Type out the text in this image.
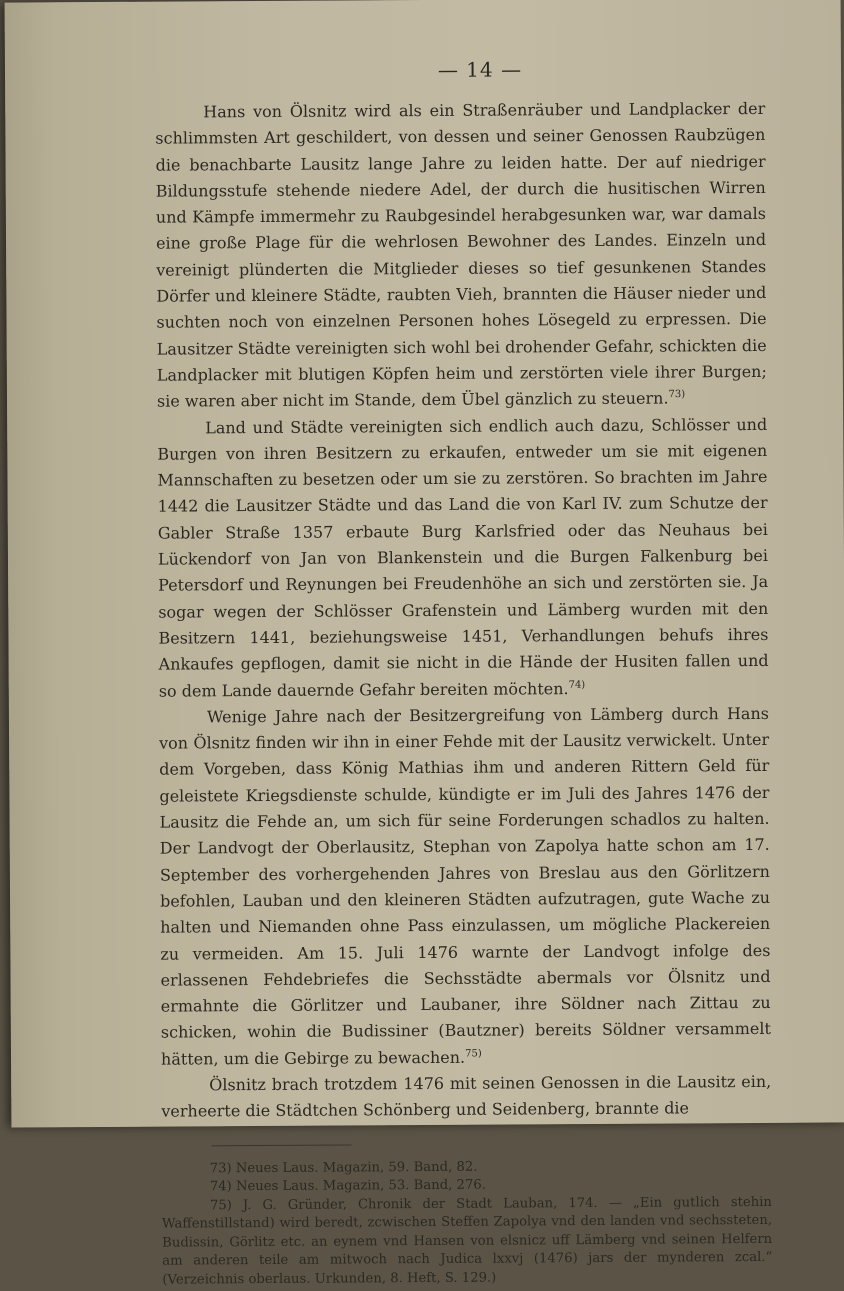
— 14 —

Hans von Ölsnitz wird als ein Straßenräuber und Landplacker der schlimmsten Art geschildert, von dessen und seiner Genossen Raubzügen die benachbarte Lausitz lange Jahre zu leiden hatte. Der auf niedriger Bildungsstufe stehende niedere Adel, der durch die husitischen Wirren und Kämpfe immermehr zu Raubgesindel herabgesunken war, war damals eine große Plage für die wehrlosen Bewohner des Landes. Einzeln und vereinigt plünderten die Mitglieder dieses so tief gesunkenen Standes Dörfer und kleinere Städte, raubten Vieh, brannten die Häuser nieder und suchten noch von einzelnen Personen hohes Lösegeld zu erpressen. Die Lausitzer Städte vereinigten sich wohl bei drohender Gefahr, schickten die Landplacker mit blutigen Köpfen heim und zerstörten viele ihrer Burgen; sie waren aber nicht im Stande, dem Übel gänzlich zu steuern.$^{73)}$

Land und Städte vereinigten sich endlich auch dazu, Schlösser und Burgen von ihren Besitzern zu erkaufen, entweder um sie mit eigenen Mannschaften zu besetzen oder um sie zu zerstören. So brachten im Jahre 1442 die Lausitzer Städte und das Land die von Karl IV. zum Schutze der Gabler Straße 1357 erbaute Burg Karlsfried oder das Neuhaus bei Lückendorf von Jan von Blankenstein und die Burgen Falkenburg bei Petersdorf und Reynungen bei Freudenhöhe an sich und zerstörten sie. Ja sogar wegen der Schlösser Grafenstein und Lämberg wurden mit den Besitzern 1441, beziehungsweise 1451, Verhandlungen behufs ihres Ankaufes gepflogen, damit sie nicht in die Hände der Husiten fallen und so dem Lande dauernde Gefahr bereiten möchten.$^{74)}$

Wenige Jahre nach der Besitzergreifung von Lämberg durch Hans von Ölsnitz finden wir ihn in einer Fehde mit der Lausitz verwickelt. Unter dem Vorgeben, dass König Mathias ihm und anderen Rittern Geld für geleistete Kriegsdienste schulde, kündigte er im Juli des Jahres 1476 der Lausitz die Fehde an, um sich für seine Forderungen schadlos zu halten. Der Landvogt der Oberlausitz, Stephan von Zapolya hatte schon am 17. September des vorhergehenden Jahres von Breslau aus den Görlitzern befohlen, Lauban und den kleineren Städten aufzutragen, gute Wache zu halten und Niemanden ohne Pass einzulassen, um mögliche Plackereien zu vermeiden. Am 15. Juli 1476 warnte der Landvogt infolge des erlassenen Fehdebriefes die Sechsstädte abermals vor Ölsnitz und ermahnte die Görlitzer und Laubaner, ihre Söldner nach Zittau zu schicken, wohin die Budissiner (Bautzner) bereits Söldner versammelt hätten, um die Gebirge zu bewachen.$^{75)}$

Ölsnitz brach trotzdem 1476 mit seinen Genossen in die Lausitz ein, verheerte die Städtchen Schönberg und Seidenberg, brannte die

73) Neues Laus. Magazin, 59. Band, 82.

74) Neues Laus. Magazin, 53. Band, 276.

75) J. G. Gründer, Chronik der Stadt Lauban, 174. — „Ein gutlich stehin Waffenstillstand) wird beredt, zcwischen Steffen Zapolya vnd den landen vnd sechssteten, Budissin, Görlitz etc. an eynem vnd Hansen von elsnicz uff Lämberg vnd seinen Helfern am anderen teile am mitwoch nach Judica lxxvj (1476) jars der mynderen zcal.“ (Verzeichnis oberlaus. Urkunden, 8. Heft, S. 129.)
